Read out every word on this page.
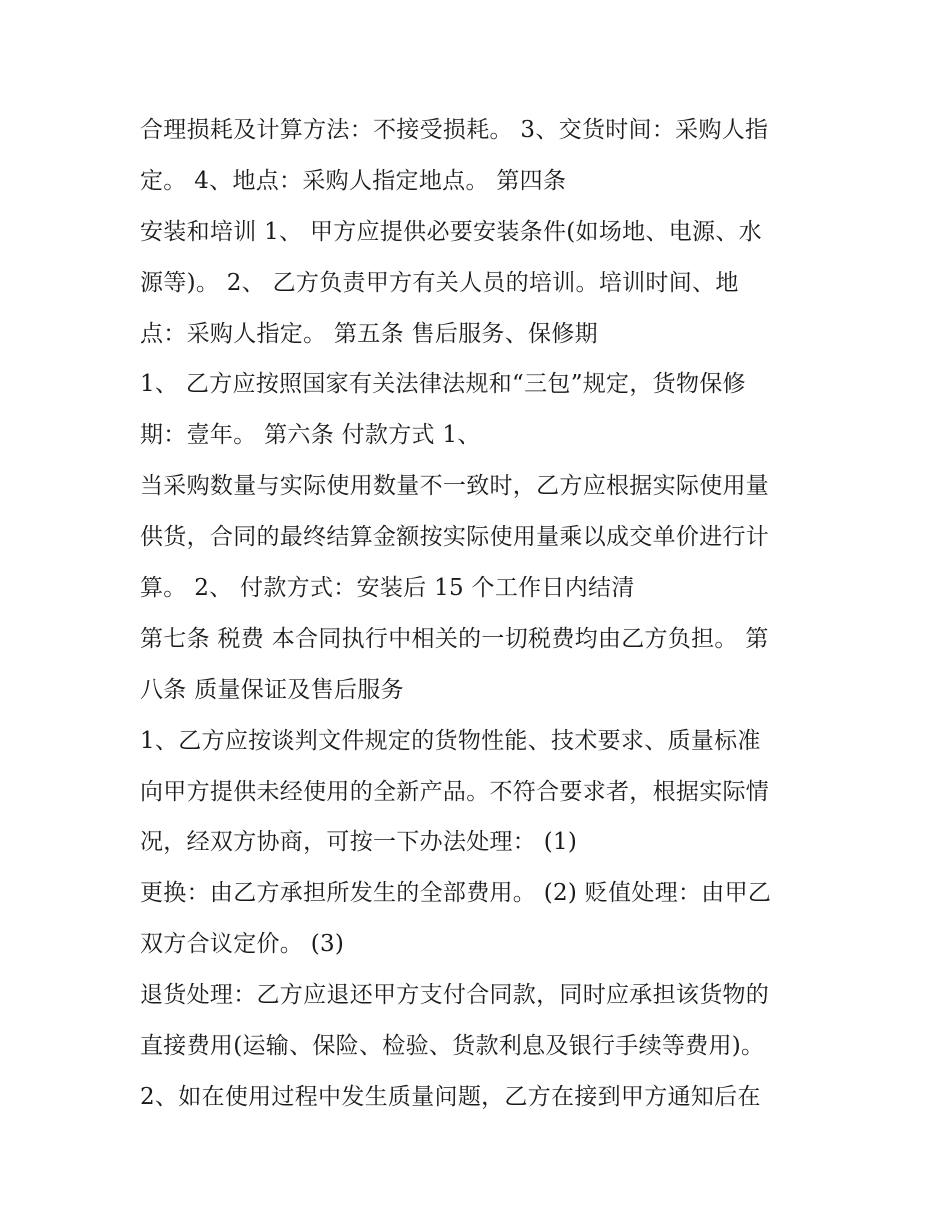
合理损耗及计算方法：不接受损耗。 3、交货时间：采购人指
定。 4、地点：采购人指定地点。 第四条
安装和培训 1、 甲方应提供必要安装条件(如场地、电源、水
源等)。 2、 乙方负责甲方有关人员的培训。培训时间、地
点：采购人指定。 第五条 售后服务、保修期
1、 乙方应按照国家有关法律法规和“三包”规定，货物保修
期：壹年。 第六条 付款方式 1、
当采购数量与实际使用数量不一致时，乙方应根据实际使用量
供货，合同的最终结算金额按实际使用量乘以成交单价进行计
算。 2、 付款方式：安装后 15 个工作日内结清
第七条 税费 本合同执行中相关的一切税费均由乙方负担。 第
八条 质量保证及售后服务
1、乙方应按谈判文件规定的货物性能、技术要求、质量标准
向甲方提供未经使用的全新产品。不符合要求者，根据实际情
况，经双方协商，可按一下办法处理： (1)
更换：由乙方承担所发生的全部费用。 (2) 贬值处理：由甲乙
双方合议定价。 (3)
退货处理：乙方应退还甲方支付合同款，同时应承担该货物的
直接费用(运输、保险、检验、货款利息及银行手续等费用)。
2、如在使用过程中发生质量问题，乙方在接到甲方通知后在
